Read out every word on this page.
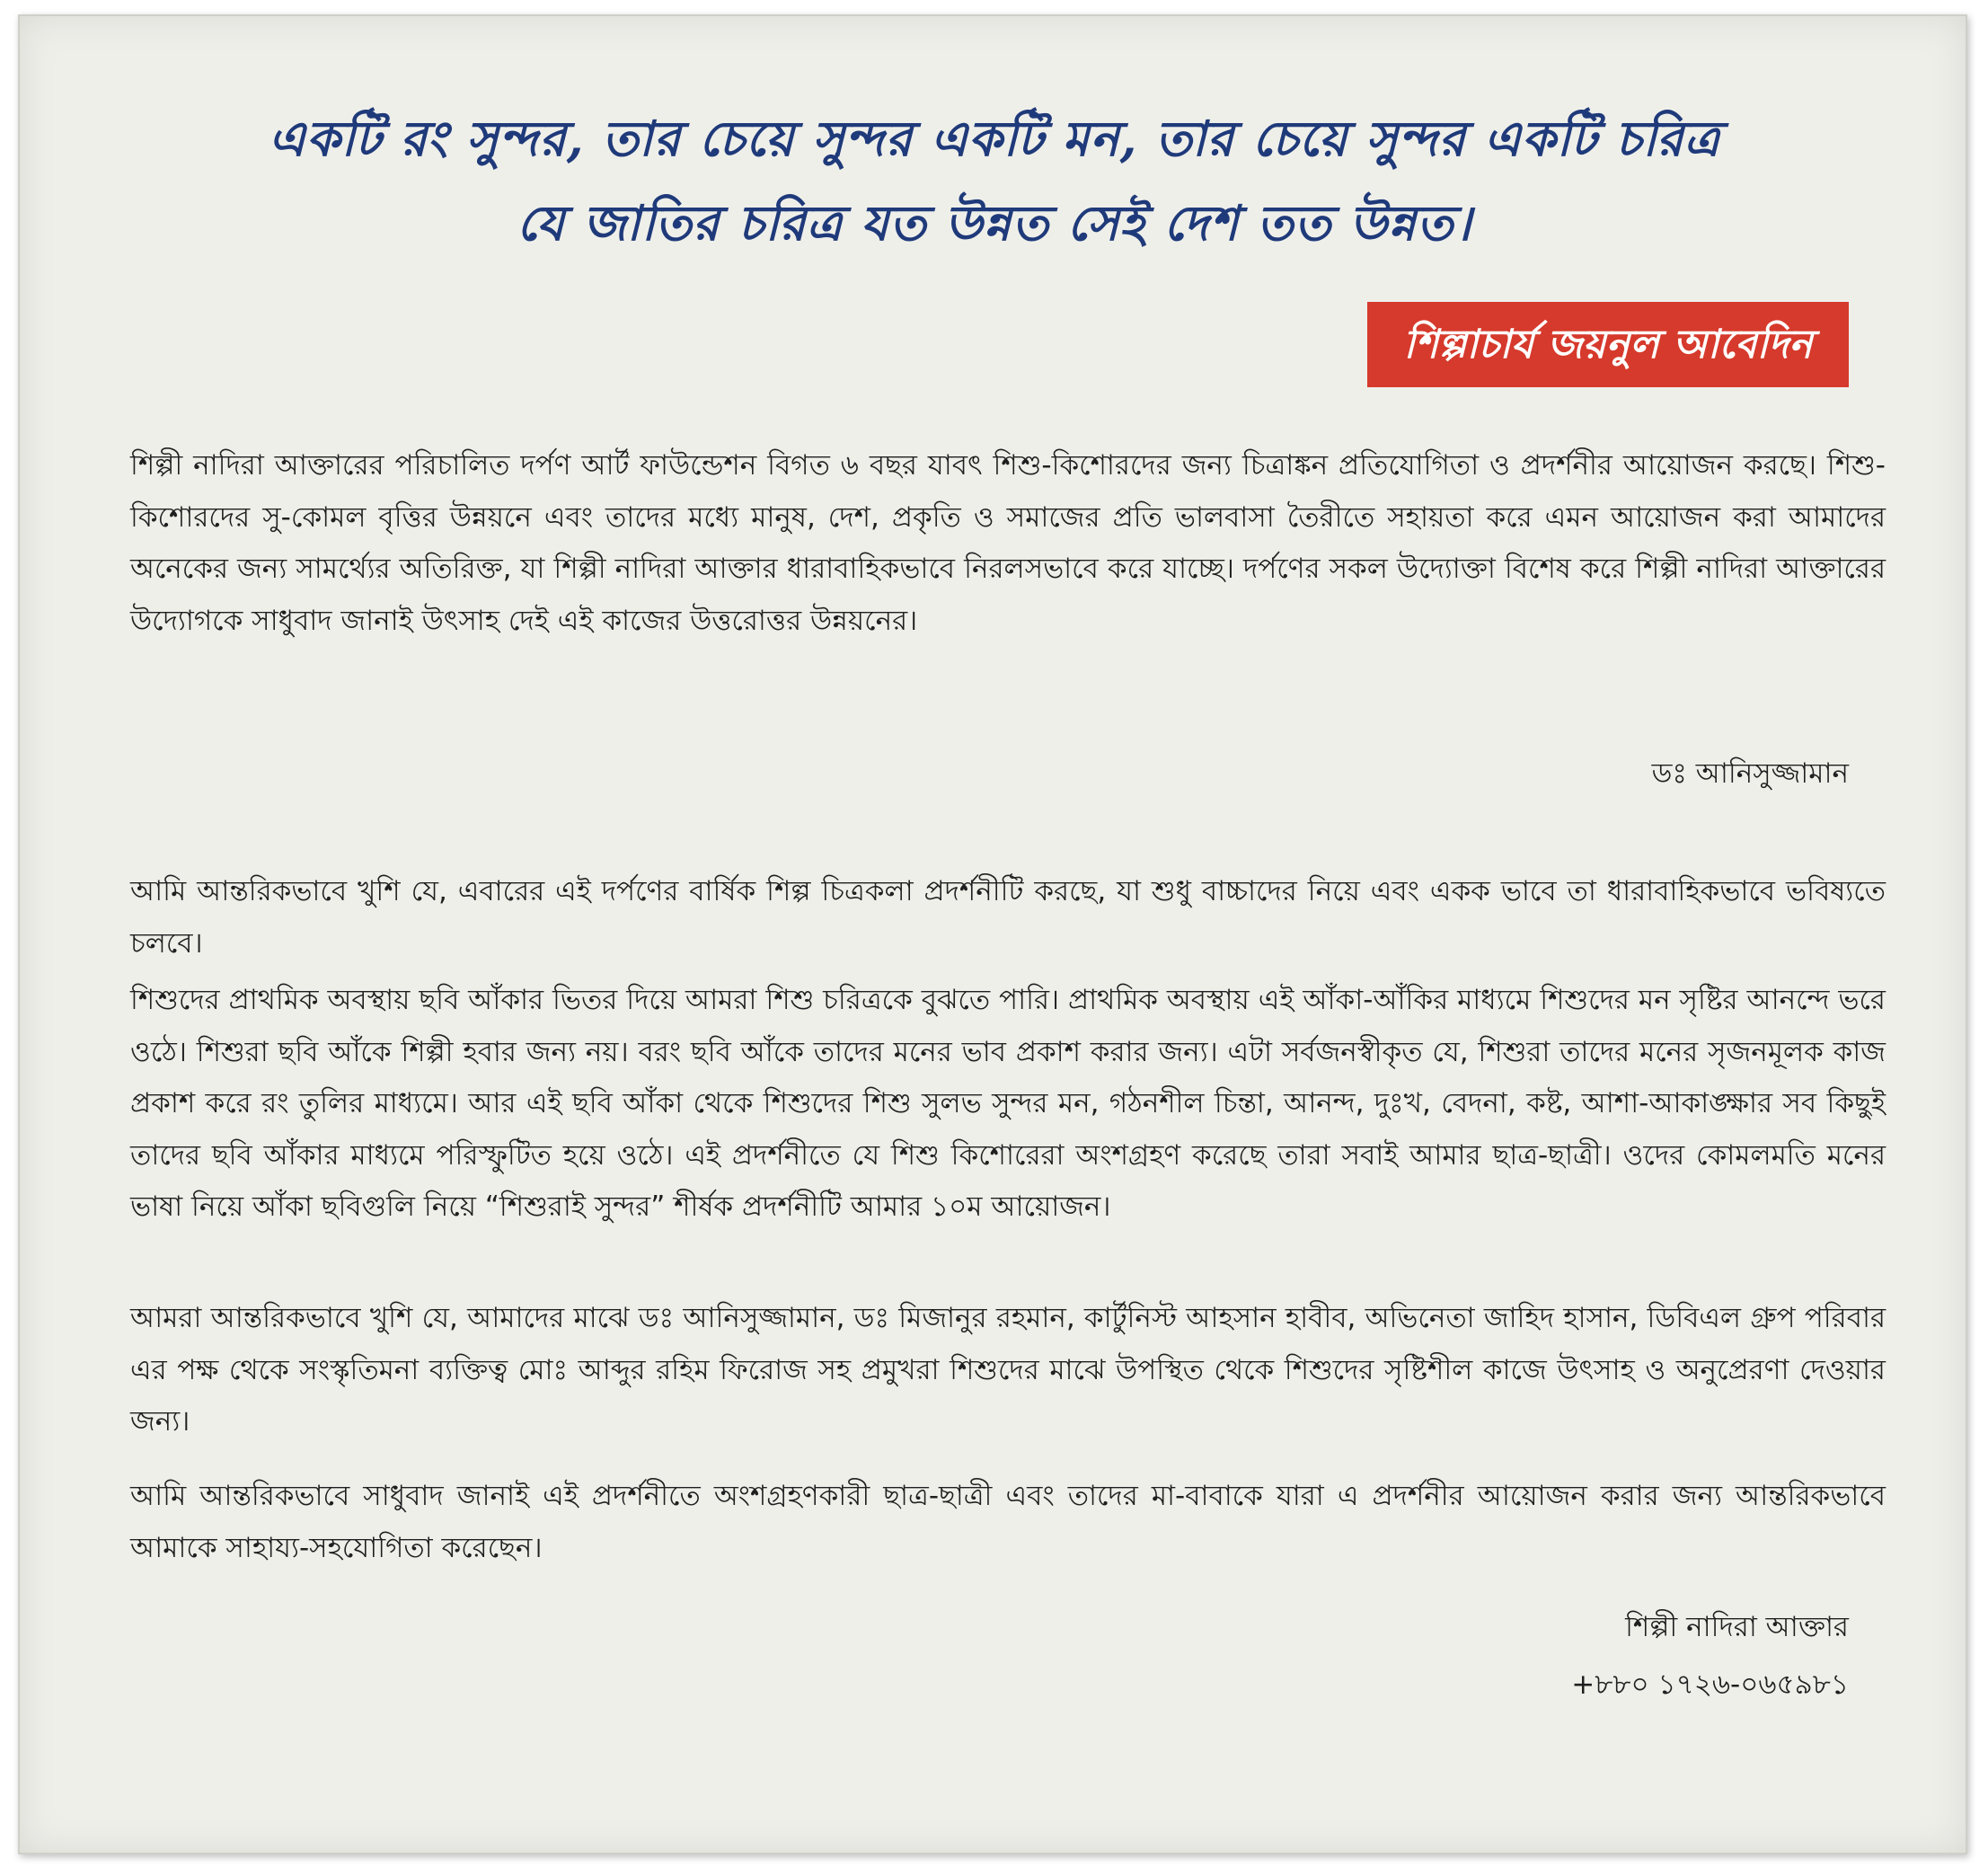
একটি রং সুন্দর, তার চেয়ে সুন্দর একটি মন, তার চেয়ে সুন্দর একটি চরিত্র
যে জাতির চরিত্র যত উন্নত সেই দেশ তত উন্নত।
শিল্পাচার্য জয়নুল আবেদিন

শিল্পী নাদিরা আক্তারের পরিচালিত দর্পণ আর্ট ফাউন্ডেশন বিগত ৬ বছর যাবৎ শিশু-কিশোরদের জন্য চিত্রাঙ্কন প্রতিযোগিতা ও প্রদর্শনীর আয়োজন করছে। শিশু-কিশোরদের সু-কোমল বৃত্তির উন্নয়নে এবং তাদের মধ্যে মানুষ, দেশ, প্রকৃতি ও সমাজের প্রতি ভালবাসা তৈরীতে সহায়তা করে এমন আয়োজন করা আমাদের অনেকের জন্য সামর্থ্যের অতিরিক্ত, যা শিল্পী নাদিরা আক্তার ধারাবাহিকভাবে নিরলসভাবে করে যাচ্ছে। দর্পণের সকল উদ্যোক্তা বিশেষ করে শিল্পী নাদিরা আক্তারের উদ্যোগকে সাধুবাদ জানাই উৎসাহ দেই এই কাজের উত্তরোত্তর উন্নয়নের।

ডঃ আনিসুজ্জামান

আমি আন্তরিকভাবে খুশি যে, এবারের এই দর্পণের বার্ষিক শিল্প চিত্রকলা প্রদর্শনীটি করছে, যা শুধু বাচ্চাদের নিয়ে এবং একক ভাবে তা ধারাবাহিকভাবে ভবিষ্যতে চলবে।

শিশুদের প্রাথমিক অবস্থায় ছবি আঁকার ভিতর দিয়ে আমরা শিশু চরিত্রকে বুঝতে পারি। প্রাথমিক অবস্থায় এই আঁকা-আঁকির মাধ্যমে শিশুদের মন সৃষ্টির আনন্দে ভরে ওঠে। শিশুরা ছবি আঁকে শিল্পী হবার জন্য নয়। বরং ছবি আঁকে তাদের মনের ভাব প্রকাশ করার জন্য। এটা সর্বজনস্বীকৃত যে, শিশুরা তাদের মনের সৃজনমূলক কাজ প্রকাশ করে রং তুলির মাধ্যমে। আর এই ছবি আঁকা থেকে শিশুদের শিশু সুলভ সুন্দর মন, গঠনশীল চিন্তা, আনন্দ, দুঃখ, বেদনা, কষ্ট, আশা-আকাঙ্ক্ষার সব কিছুই তাদের ছবি আঁকার মাধ্যমে পরিস্ফুটিত হয়ে ওঠে। এই প্রদর্শনীতে যে শিশু কিশোরেরা অংশগ্রহণ করেছে তারা সবাই আমার ছাত্র-ছাত্রী। ওদের কোমলমতি মনের ভাষা নিয়ে আঁকা ছবিগুলি নিয়ে “শিশুরাই সুন্দর” শীর্ষক প্রদর্শনীটি আমার ১০ম আয়োজন।

আমরা আন্তরিকভাবে খুশি যে, আমাদের মাঝে ডঃ আনিসুজ্জামান, ডঃ মিজানুর রহমান, কার্টুনিস্ট আহসান হাবীব, অভিনেতা জাহিদ হাসান, ডিবিএল গ্রুপ পরিবার এর পক্ষ থেকে সংস্কৃতিমনা ব্যক্তিত্ব মোঃ আব্দুর রহিম ফিরোজ সহ প্রমুখরা শিশুদের মাঝে উপস্থিত থেকে শিশুদের সৃষ্টিশীল কাজে উৎসাহ ও অনুপ্রেরণা দেওয়ার জন্য।

আমি আন্তরিকভাবে সাধুবাদ জানাই এই প্রদর্শনীতে অংশগ্রহণকারী ছাত্র-ছাত্রী এবং তাদের মা-বাবাকে যারা এ প্রদর্শনীর আয়োজন করার জন্য আন্তরিকভাবে আমাকে সাহায্য-সহযোগিতা করেছেন।

শিল্পী নাদিরা আক্তার
+৮৮০ ১৭২৬-০৬৫৯৮১
